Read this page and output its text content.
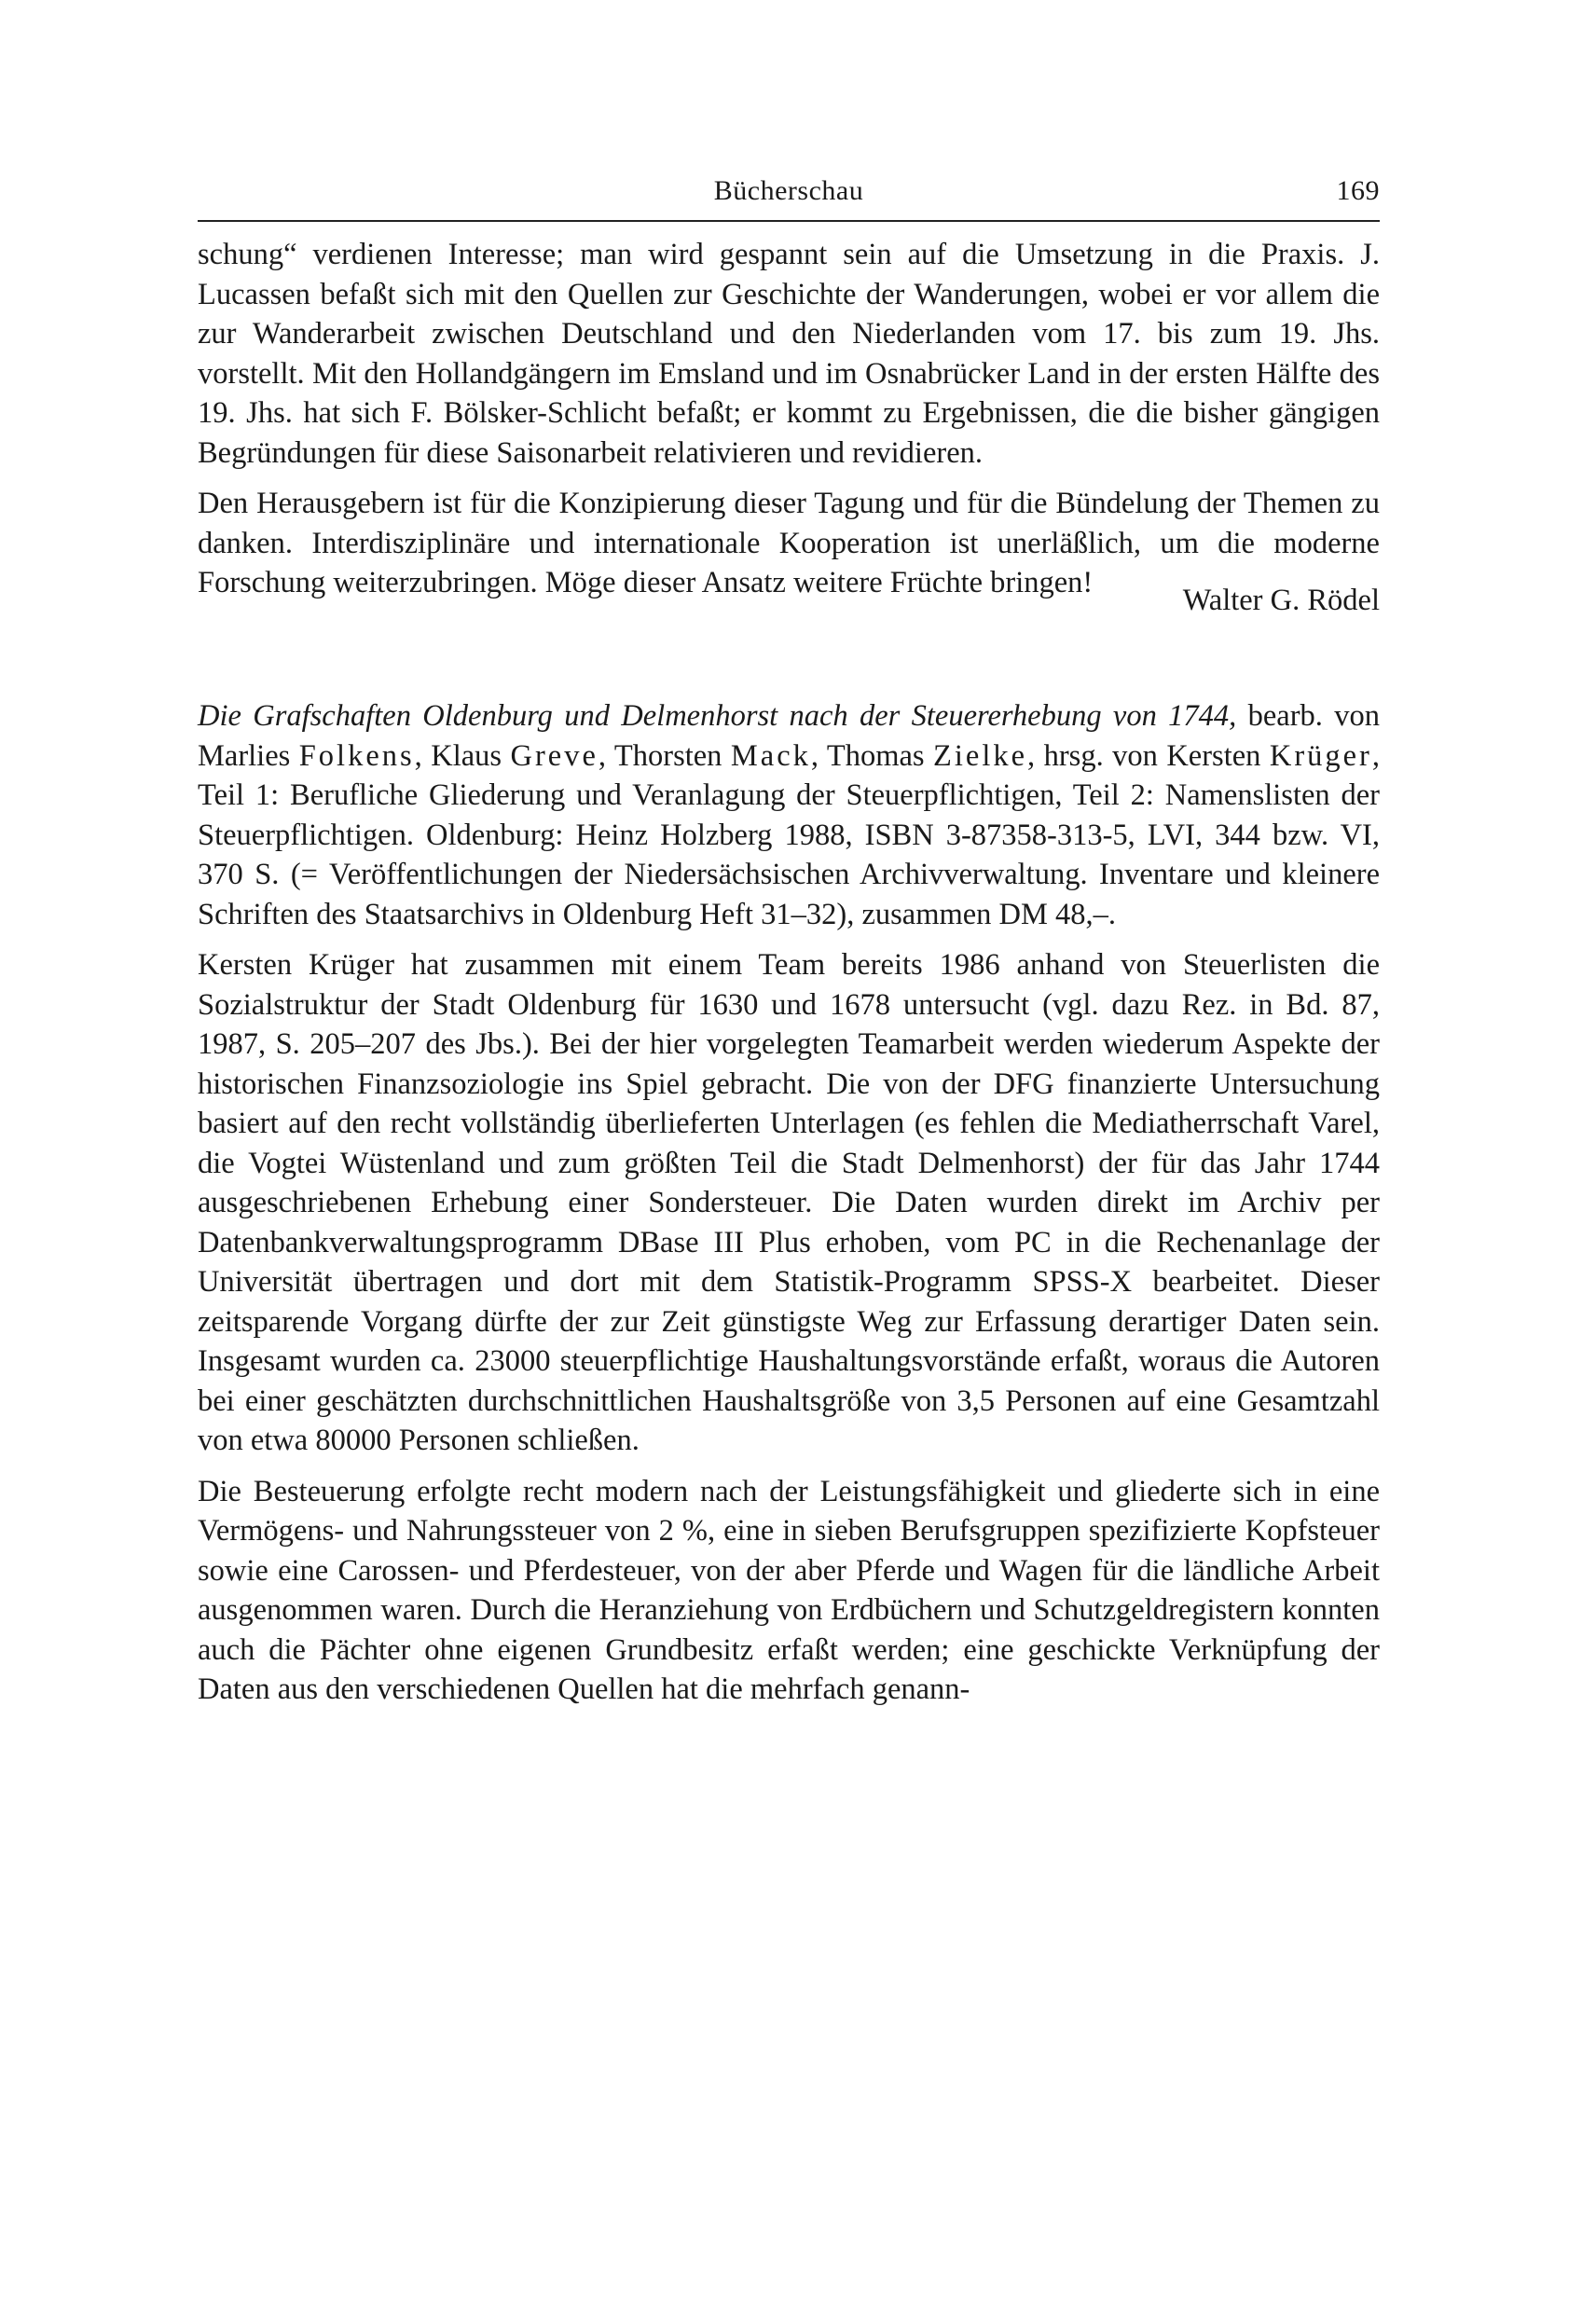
Bücherschau	169

schung“ verdienen Interesse; man wird gespannt sein auf die Umsetzung in die Praxis. J. Lucassen befaßt sich mit den Quellen zur Geschichte der Wanderungen, wobei er vor allem die zur Wanderarbeit zwischen Deutschland und den Niederlanden vom 17. bis zum 19. Jhs. vorstellt. Mit den Hollandgängern im Emsland und im Osnabrücker Land in der ersten Hälfte des 19. Jhs. hat sich F. Bölsker-Schlicht befaßt; er kommt zu Ergebnissen, die die bisher gängigen Begründungen für diese Saisonarbeit relativieren und revidieren.

Den Herausgebern ist für die Konzipierung dieser Tagung und für die Bündelung der Themen zu danken. Interdisziplinäre und internationale Kooperation ist unerläßlich, um die moderne Forschung weiterzubringen. Möge dieser Ansatz weitere Früchte bringen!

Walter G. Rödel

Die Grafschaften Oldenburg und Delmenhorst nach der Steuererhebung von 1744, bearb. von Marlies Folkens, Klaus Greve, Thorsten Mack, Thomas Zielke, hrsg. von Kersten Krüger, Teil 1: Berufliche Gliederung und Veranlagung der Steuerpflichtigen, Teil 2: Namenslisten der Steuerpflichtigen. Oldenburg: Heinz Holzberg 1988, ISBN 3-87358-313-5, LVI, 344 bzw. VI, 370 S. (= Veröffentlichungen der Niedersächsischen Archivverwaltung. Inventare und kleinere Schriften des Staatsarchivs in Oldenburg Heft 31–32), zusammen DM 48,–.

Kersten Krüger hat zusammen mit einem Team bereits 1986 anhand von Steuerlisten die Sozialstruktur der Stadt Oldenburg für 1630 und 1678 untersucht (vgl. dazu Rez. in Bd. 87, 1987, S. 205–207 des Jbs.). Bei der hier vorgelegten Teamarbeit werden wiederum Aspekte der historischen Finanzsoziologie ins Spiel gebracht. Die von der DFG finanzierte Untersuchung basiert auf den recht vollständig überlieferten Unterlagen (es fehlen die Mediatherrschaft Varel, die Vogtei Wüstenland und zum größten Teil die Stadt Delmenhorst) der für das Jahr 1744 ausgeschriebenen Erhebung einer Sondersteuer. Die Daten wurden direkt im Archiv per Datenbankverwaltungsprogramm DBase III Plus erhoben, vom PC in die Rechenanlage der Universität übertragen und dort mit dem Statistik-Programm SPSS-X bearbeitet. Dieser zeitsparende Vorgang dürfte der zur Zeit günstigste Weg zur Erfassung derartiger Daten sein. Insgesamt wurden ca. 23000 steuerpflichtige Haushaltungsvorstände erfaßt, woraus die Autoren bei einer geschätzten durchschnittlichen Haushaltsgröße von 3,5 Personen auf eine Gesamtzahl von etwa 80000 Personen schließen.

Die Besteuerung erfolgte recht modern nach der Leistungsfähigkeit und gliederte sich in eine Vermögens- und Nahrungssteuer von 2 %, eine in sieben Berufsgruppen spezifizierte Kopfsteuer sowie eine Carossen- und Pferdesteuer, von der aber Pferde und Wagen für die ländliche Arbeit ausgenommen waren. Durch die Heranziehung von Erdbüchern und Schutzgeldregistern konnten auch die Pächter ohne eigenen Grundbesitz erfaßt werden; eine geschickte Verknüpfung der Daten aus den verschiedenen Quellen hat die mehrfach genann-
